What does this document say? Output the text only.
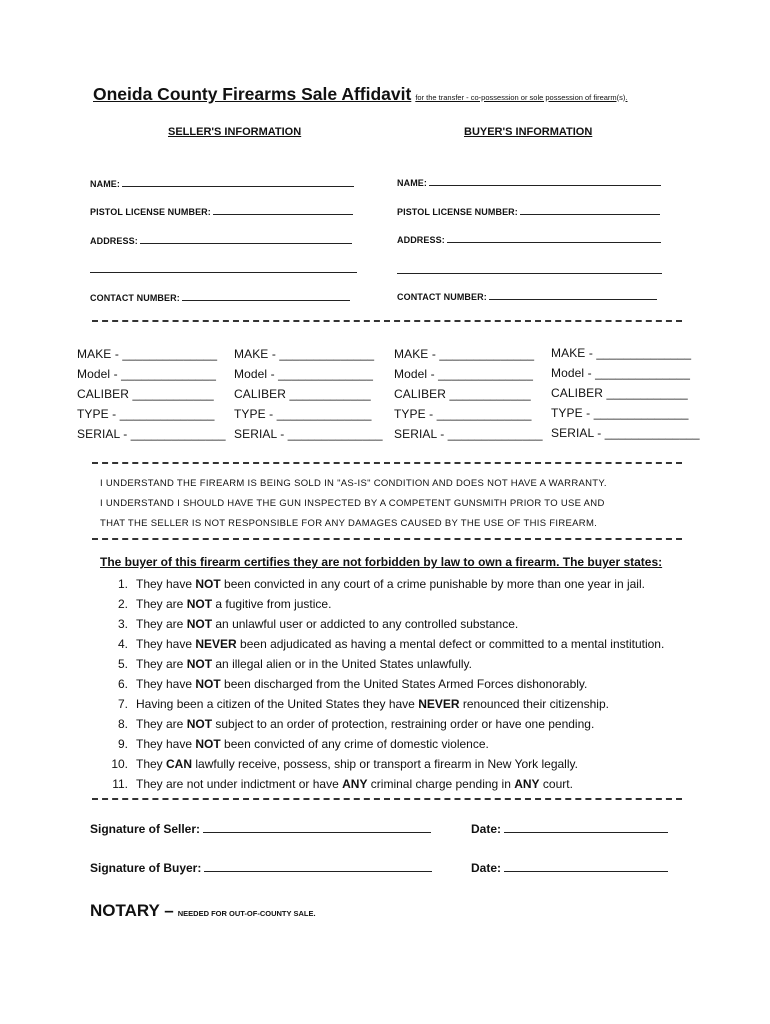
Oneida County Firearms Sale Affidavit for the transfer - co-possession or sole possession of firearm(s).
SELLER'S INFORMATION	BUYER'S INFORMATION
NAME:
PISTOL LICENSE NUMBER:
ADDRESS:
CONTACT NUMBER:
NAME:
PISTOL LICENSE NUMBER:
ADDRESS:
CONTACT NUMBER:
MAKE - ______________
Model - ______________
CALIBER ____________
TYPE - ______________
SERIAL - ______________
MAKE - ______________
Model - ______________
CALIBER ____________
TYPE - ______________
SERIAL - ______________
MAKE - ______________
Model - ______________
CALIBER ____________
TYPE - ______________
SERIAL - ______________
MAKE - ______________
Model - ______________
CALIBER ____________
TYPE - ______________
SERIAL - ______________
I UNDERSTAND THE FIREARM IS BEING SOLD IN "AS-IS" CONDITION AND DOES NOT HAVE A WARRANTY.
I UNDERSTAND I SHOULD HAVE THE GUN INSPECTED BY A COMPETENT GUNSMITH PRIOR TO USE AND
THAT THE SELLER IS NOT RESPONSIBLE FOR ANY DAMAGES CAUSED BY THE USE OF THIS FIREARM.
The buyer of this firearm certifies they are not forbidden by law to own a firearm. The buyer states:
1. They have NOT been convicted in any court of a crime punishable by more than one year in jail.
2. They are NOT a fugitive from justice.
3. They are NOT an unlawful user or addicted to any controlled substance.
4. They have NEVER been adjudicated as having a mental defect or committed to a mental institution.
5. They are NOT an illegal alien or in the United States unlawfully.
6. They have NOT been discharged from the United States Armed Forces dishonorably.
7. Having been a citizen of the United States they have NEVER renounced their citizenship.
8. They are NOT subject to an order of protection, restraining order or have one pending.
9. They have NOT been convicted of any crime of domestic violence.
10. They CAN lawfully receive, possess, ship or transport a firearm in New York legally.
11. They are not under indictment or have ANY criminal charge pending in ANY court.
Signature of Seller:	Date:
Signature of Buyer:	Date:
NOTARY – NEEDED FOR OUT-OF-COUNTY SALE.
